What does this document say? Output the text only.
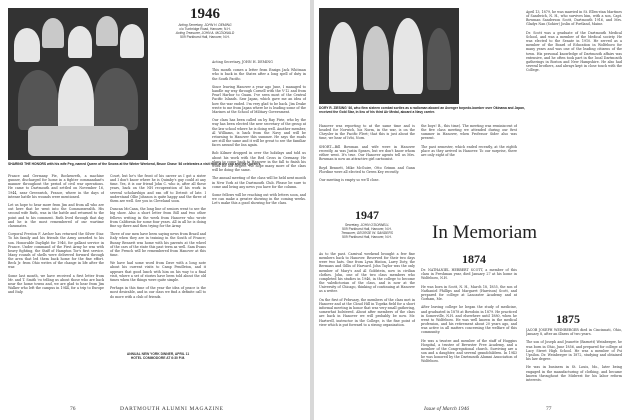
1946
Acting Secretary, JOHN H. DEMING
c/o Tunbridge Road, Hanover, N.H.
Acting Treasurer, JOHN A. MCDONALD
509 Parkhurst Hall, Hanover, N.H.
SHARING THE HONORS with his wife Peg, named Queen of the Snows at the Winter Weekend, Bruce Chase '46 celebrates a visit hold at the cap and the Queen's.
France and Germany. Pie, Bockenreth, a machine gunner, discharged for home in a fighter commandant's manner throughout the period of civil war operations. He came to Dartmouth and settled on November 16, 1944, near Greenwich, France, where in the days of intense battle his wounds were mentioned.

Let us hope to hear more from Jim and from all who are out here that he went into the Commonwealth. His second wife Ruth, was in the battle and returned to the point and to his comment. Ruth lived through that day and he is the most remembered of our wartime classmates.

Corporal Preston F. Archer has returned the Silver Star. To his family and his friends the Army awarded to his son. Honorable Daylight for 1946, for gallant service in France. Under command of the First Army he was with heavy fighting, the Staff of Hampton Tor's first service. Many rounds of shells were delivered forward through the area that led them back home for the fine effort. Beck Jr. from Ohio writes of the change in life after the war.

Some last month, we have received a first letter from Mr. and T. Smith 'ro telling us about those who are back near the home towns and, we are glad to hear from Jim Walker who left the campus in 1944, for a trip to Europe and Italy.
Court, but he's the front of his career as I got a sister and I don't know where he is Quimby's guy could at any time. Yes, it is our friend John C. who is, after all these years, back on the NH recuperation of his work in several scholarships and ran off to Detroit of late. I understand Ollie Johnson is quite happy and the three of them are well. See you in Cleveland soon.

Duncan McCann, the long line of seniors went to see the big show. Also a short letter from Bill and two other fellows writing in the week from Hanover who wrote from California for some four years. All in all he is doing fine up there and then trying for the Army.

Three of our men have been saying news from Brazil and Italy when they are in training in the South of France; Bunny Bennett was home with his parents at the wheel of the cars of the state this past term as well. Sam Evans of the French will be remembered from Hanover at this time.

We have had some word from Dave with a long note about his current visits to Camp Pendleton, and it appears that good lunch with him on his way to a final visit, where a set of stories have been told about the old times when the things were quite simple.

Perhaps in this time of the year the idea of peace is the most desirable, and in our class we find a definite call to do more with a club of friends.
Acting Secretary, JOHN H. DEMING

This month comes a letter from Ensign Jack Whitman who is back in the States after a long spell of duty in the South Pacific.

Since leaving Hanover a year ago June, I managed to handle my way through Cornell with the V-12 and from Pearl Harbor to Guam. I've seen most of the Central Pacific Islands. Saw Japan, which gave me an idea of how the war ended. I'm very glad to be back. Jim Drake wrote to me from Japan where he is leading some of the Marines at the School of Military Government.

Our class has been called on by Ray Pirie, who by the way has been elected the new secretary of the group at the law school where he is doing well. Another member, Al Williams, is back from the Navy and will be returning to Hanover this summer. He says the roads are still the same and it will be great to see the familiar faces around the Inn again.

Bob Kilmer dropped in over the holidays and told us about his work with the Red Cross in Germany. He plans to come back to Hanover in the fall to finish his work for his degree. We hope many more of the class will be doing the same.

The annual meeting of the class will be held next month in New York at the Dartmouth Club. Please be sure to come and bring any news you have for the column.

Some fellows will be reaching out with letters soon, and we can make a greater showing in the coming weeks. Let's make this a good showing for the class.
ANNUAL NEW YORK DINNER, APRIL 11
HOTEL COMMODORE AT 6:30 P.M.
76	DARTMOUTH ALUMNI MAGAZINE
DORY R. ZIESING '46, who flew sixteen combat sorties as a radioman aboard an Avenger torpedo-bomber over Okinawa and Japan, received the Gold Star, in lieu of his third Air Medal, aboard a Navy carrier.
Hanover was reporting to at the same time and is headed for Norwich, his Norm, in the war, is on the Chrysler in the Pacific Fleet; that this is just about the time, we hear of Ivbi, Norn.

SHORT—Bill Bowman and wife were in Hanover recently, as was Justin Spears, but we don't know whom either went. It's true. Our Hanover agents tell us Mrs. Bowman is now an attractive girl cartoonist.

Boyd Bennett, Mike McGuire, Otto Grimm and Gunn Flordine were all elected to Green Key recently.

Our meeting is empty so we'll close.
the boys! B., this time). The meeting was reminiscent of the five class meeting we attended during our first summer in Hanover, when Professor Sider also was present.

The past semester, which ended recently, at the eighth place as they arrived in Hanover. To our surprise, there are only eight of the
1947
Secretary, JOHN O'DONNELL
509 Parkhurst Hall, Hanover, N.H.
Treasurer, GEORGE W. SANDERS
509 Parkhurst Hall, Hanover, N.H.
As to the past. Carnival weekend brought a few fine members back to Hanover. Reserved for their two days were two hats. One from Lynn Hinton, Larry Doty, the Bermans and Gillis of Harvard. John Taylor was the only member of Mary's and Al Goldstein, now in civilian clothes. John, one of the two class members who completed his studies in 1946, in the college to become the valedictorian of the class, and is now at the University of Chicago, thinking of continuing at Hanover as a writer.

On the first of February, the members of the class met in Hanover and at the Cloud Hill in Topeka field for a short informal meeting in honor that was very small gathering, somewhat bolstered. About after members of the class are back in Hanover we will probably be now. Mr. Hartwell, instructor in the College, is the fine point of view which is put forward to a strong organization.
In Memoriam
1874
Dr. NATHANIEL HERBERT SCOTT, a member of this class in Freshman year, died January 27 at his home in Wolfeboro, N.H.

He was born in Scott, N. H., March 18, 1855, the son of Nathaniel Phillips and Margaret (Harrison) Scott, and prepared for college at Lancaster Academy and at Gorham, Me.

After leaving college he began the study of medicine, and graduated in 1878 at Bowdoin in 1879. He practiced in Somerville, N.H. and elsewhere until 1880, when he went to Wolfeboro. He was well known in the medical profession, and his retirement about 20 years ago, and was active in all matters concerning the welfare of this community.

He was a trustee and member of the staff of Huggins Hospital, a trustee of Brewster Free Academy, and a member of the Congregational church. Surviving are a son and a daughter, and several grandchildren. In 1943 he was honored by the Dartmouth Alumni Association of Wolfeboro.
April 13, 1879, he was married in St. Ellen-stan Martines of Sandwich, N. H., who survives him, with a son, Capt. Bowman Sanderson Scott, Dartmouth 1916, and Mrs. Gladys Nan (Sohier) Joslin of Portland, Maine.

Dr. Scott was a graduate of the Dartmouth Medical School, and was a member of the Medical society. He was elected to the Senate in 1910. He served as a member of the Board of Education in Wolfeboro for many years and was one of the leading citizens of the town. His personal knowledge of Dartmouth affairs was extensive, and he often took part in the local Dartmouth gatherings in Boston and New Hampshire. He also had several brothers, and always kept in close touch with the College.
1875
JACOB JOSEPH WEINBERGER died in Cincinnati, Ohio, January 8, after an illness of two years.

The son of Joseph and Jeanette (Barnett) Weinberger, he was born in Ohio, June 1856, and prepared for college at Lacy Street High School. He was a member of Psi Upsilon. Dr. Weinberger in 1872, studying and obtained his law degree.

He was in business in St. Louis, Mo., later being engaged in the manufacturing of clothing, and became known throughout the Midwest for his labor reform interests.
Issue of March 1946	77
